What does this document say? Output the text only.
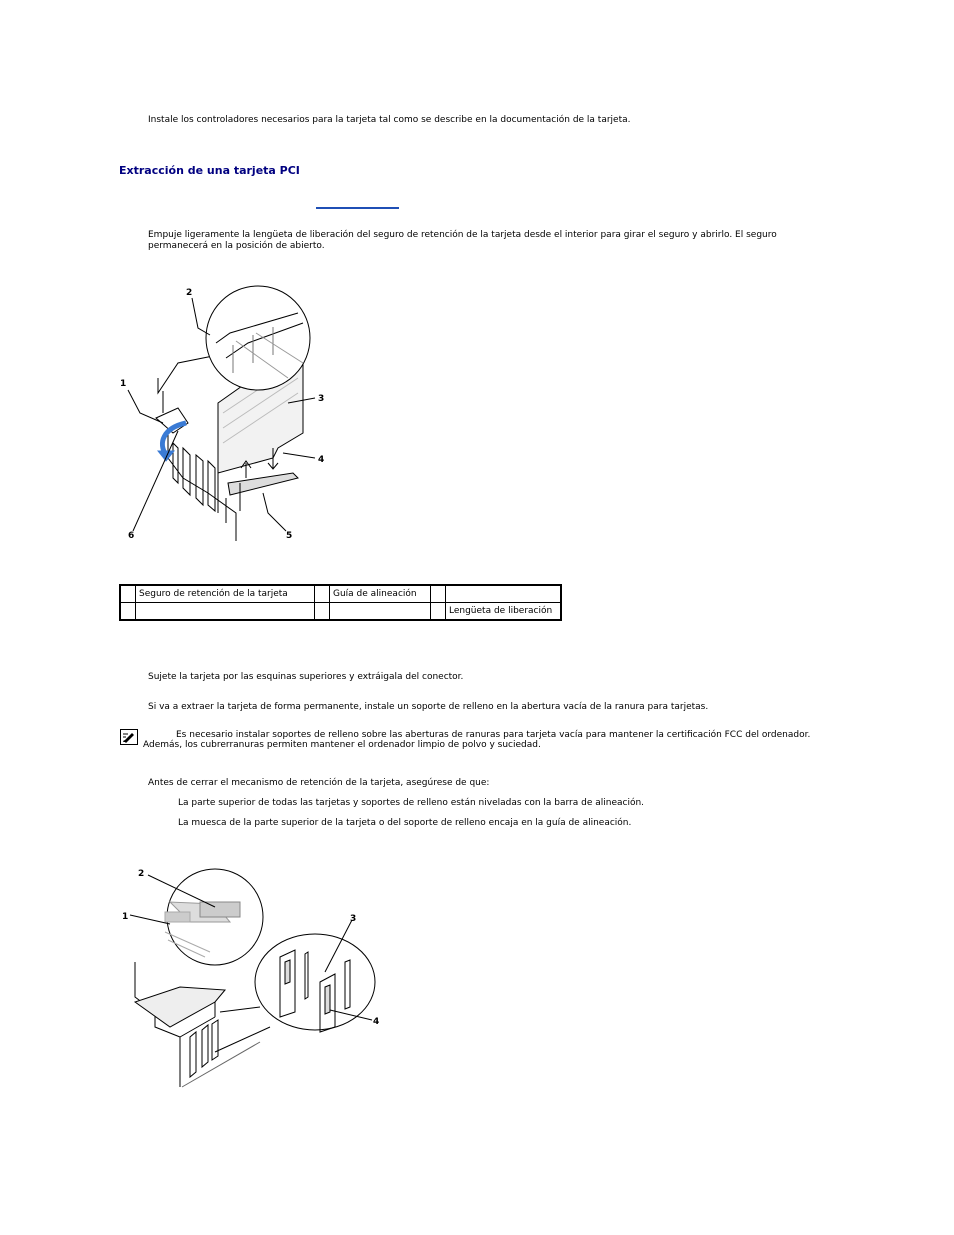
Instale los controladores necesarios para la tarjeta tal como se describe en la documentación de la tarjeta.
Extracción de una tarjeta PCI
Empuje ligeramente la lengüeta de liberación del seguro de retención de la tarjeta desde el interior para girar el seguro y abrirlo. El seguro
permanecerá en la posición de abierto.
1
2
3
4
5
6
	Seguro de retención de la tarjeta		Guía de alineación		
					Lengüeta de liberación
Sujete la tarjeta por las esquinas superiores y extráigala del conector.
Si va a extraer la tarjeta de forma permanente, instale un soporte de relleno en la abertura vacía de la ranura para tarjetas.
Es necesario instalar soportes de relleno sobre las aberturas de ranuras para tarjeta vacía para mantener la certificación FCC del ordenador.
Además, los cubrerranuras permiten mantener el ordenador limpio de polvo y suciedad.
Antes de cerrar el mecanismo de retención de la tarjeta, asegúrese de que:
La parte superior de todas las tarjetas y soportes de relleno están niveladas con la barra de alineación.
La muesca de la parte superior de la tarjeta o del soporte de relleno encaja en la guía de alineación.
1
2
3
4
